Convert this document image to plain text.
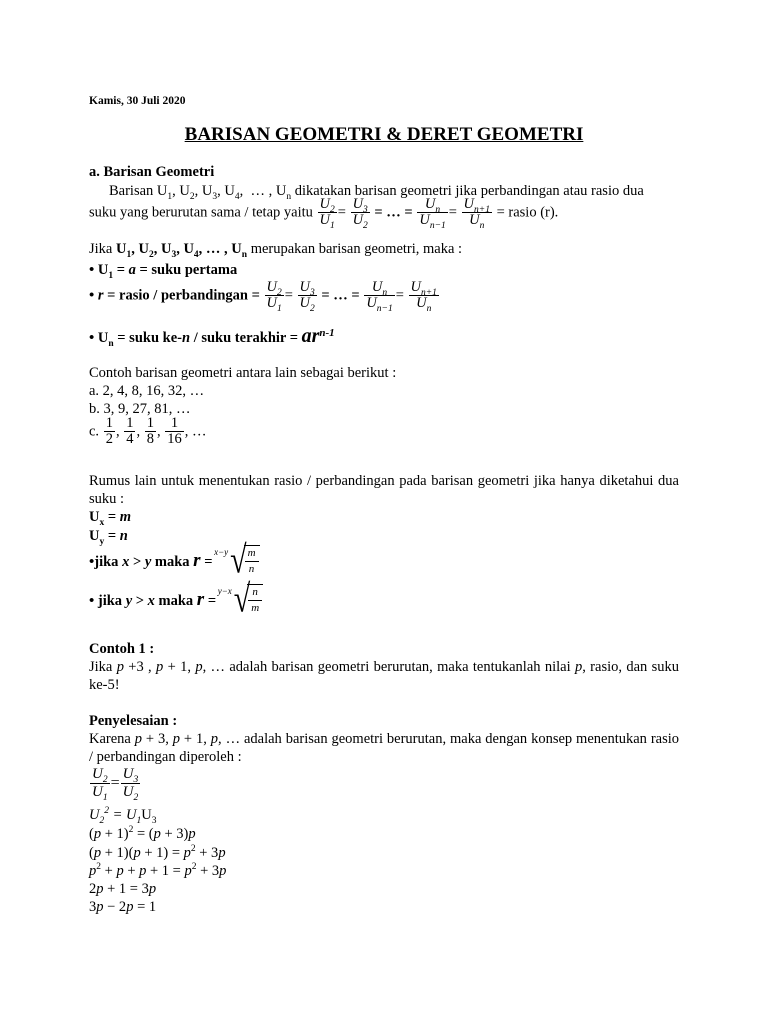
Kamis, 30 Juli 2020
BARISAN GEOMETRI & DERET GEOMETRI
a. Barisan Geometri
Barisan $U_1$, $U_2$, $U_3$, $U_4$,  … , $U_n$ dikatakan barisan geometri jika perbandingan atau rasio dua
suku yang berurutan sama / tetap yaitu $\frac{U_2}{U_1} = \frac{U_3}{U_2}$ = … = $\frac{U_n}{U_{n-1}} = \frac{U_{n+1}}{U_n}$ = rasio (r).
Jika $U_1$, $U_2$, $U_3$, $U_4$, … , $U_n$ merupakan barisan geometri, maka :
• $U_1 = a$ = suku pertama
• r = rasio / perbandingan = $\frac{U_2}{U_1} = \frac{U_3}{U_2}$ = … = $\frac{U_n}{U_{n-1}} = \frac{U_{n+1}}{U_n}$
• $U_n$ = suku ke-n / suku terakhir = $ar^{n-1}$
Contoh barisan geometri antara lain sebagai berikut :
a. 2, 4, 8, 16, 32, …
b. 3, 9, 27, 81, …
c. $\frac{1}{2}$ , $\frac{1}{4}$ , $\frac{1}{8}$ , $\frac{1}{16}$ , …
Rumus lain untuk menentukan rasio / perbandingan pada barisan geometri jika hanya diketahui dua suku :
$U_x = m$
$U_y = n$
•jika x > y maka r =
x−y √
$\frac{m}{n}$
• jika y > x maka r =
y−x √
$\frac{n}{m}$
Contoh 1 :
Jika p +3 , p + 1, p, … adalah barisan geometri berurutan, maka tentukanlah nilai p, rasio, dan suku ke-5!
Penyelesaian :
Karena p + 3, p + 1, p, … adalah barisan geometri berurutan, maka dengan konsep menentukan rasio / perbandingan diperoleh :
$\frac{U_2}{U_1} = \frac{U_3}{U_2}$
$U_2^2 = U_1U_3$
$(p + 1)^2 = (p + 3)p$
$(p + 1)(p + 1) = p^2 + 3p$
$p^2 + p + p + 1 = p^2 + 3p$
2p + 1 = 3p
3p − 2p = 1
